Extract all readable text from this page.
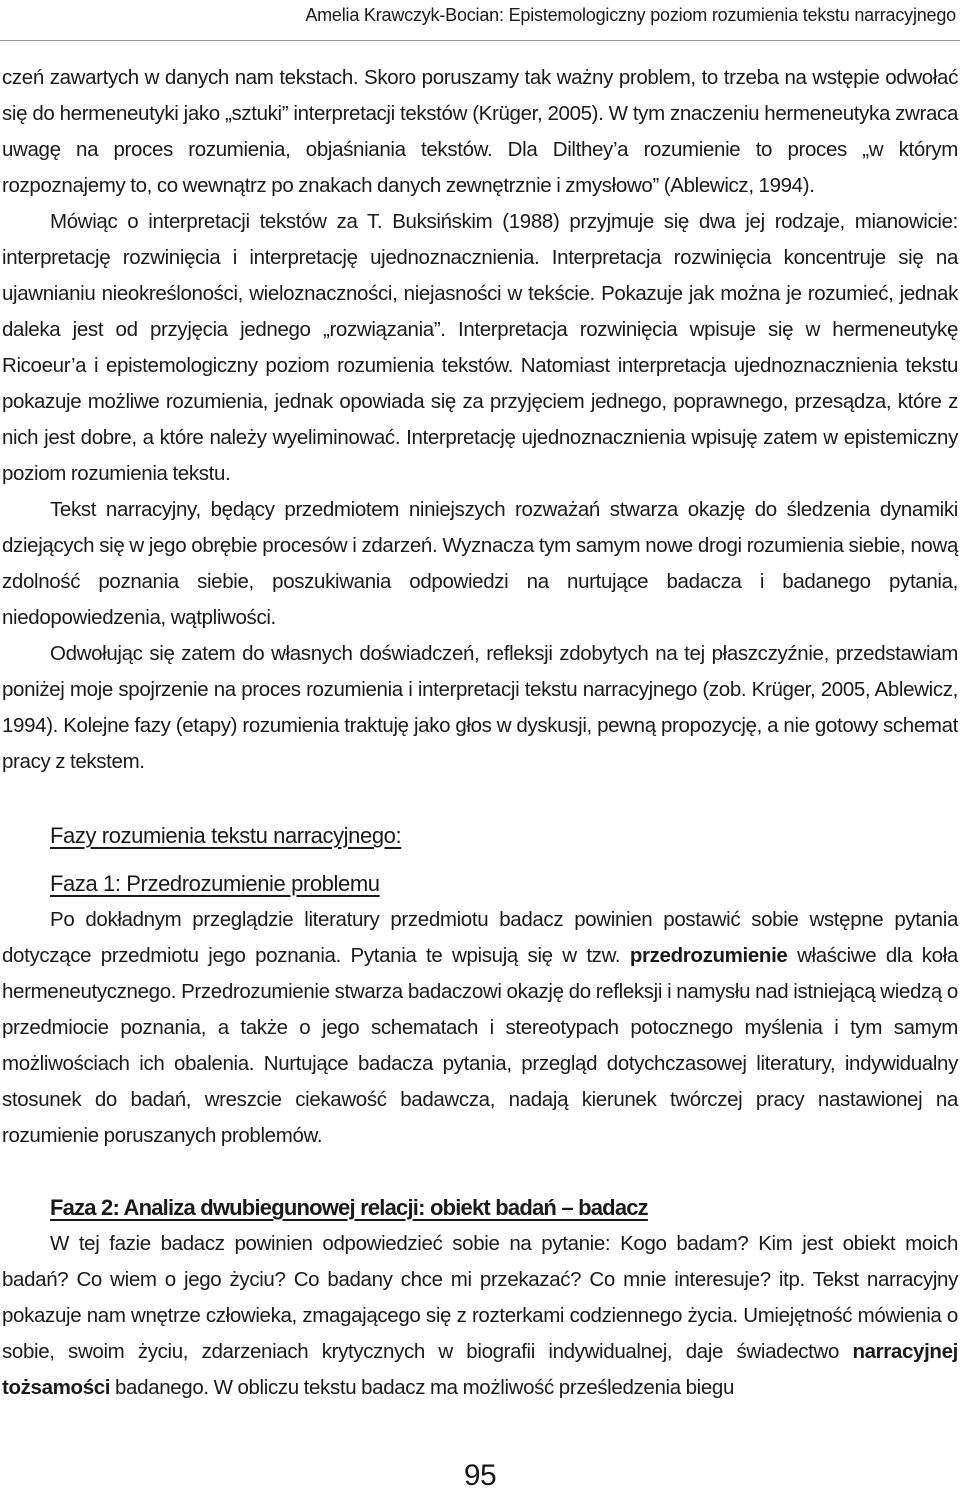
Amelia Krawczyk-Bocian: Epistemologiczny poziom rozumienia tekstu narracyjnego

czeń zawartych w danych nam tekstach. Skoro poruszamy tak ważny problem, to trzeba na wstępie odwołać się do hermeneutyki jako „sztuki” interpretacji tekstów (Krüger, 2005). W tym znaczeniu hermeneutyka zwraca uwagę na proces rozumienia, objaśniania tekstów. Dla Dilthey’a rozumienie to proces „w którym rozpoznajemy to, co wewnątrz po znakach danych zewnętrznie i zmysłowo” (Ablewicz, 1994).

Mówiąc o interpretacji tekstów za T. Buksińskim (1988) przyjmuje się dwa jej rodzaje, mianowicie: interpretację rozwinięcia i interpretację ujednoznacznienia. Interpretacja rozwinięcia koncentruje się na ujawnianiu nieokreśloności, wieloznaczności, niejasności w tekście. Pokazuje jak można je rozumieć, jednak daleka jest od przyjęcia jednego „rozwiązania”. Interpretacja rozwinięcia wpisuje się w hermeneutykę Ricoeur’a i epistemologiczny poziom rozumienia tekstów. Natomiast interpretacja ujednoznacznienia tekstu pokazuje możliwe rozumienia, jednak opowiada się za przyjęciem jednego, poprawnego, przesądza, które z nich jest dobre, a które należy wyeliminować. Interpretację ujednoznacznienia wpisuję zatem w epistemiczny poziom rozumienia tekstu.

Tekst narracyjny, będący przedmiotem niniejszych rozważań stwarza okazję do śledzenia dynamiki dziejących się w jego obrębie procesów i zdarzeń. Wyznacza tym samym nowe drogi rozumienia siebie, nową zdolność poznania siebie, poszukiwania odpowiedzi na nurtujące badacza i badanego pytania, niedopowiedzenia, wątpliwości.

Odwołując się zatem do własnych doświadczeń, refleksji zdobytych na tej płaszczyźnie, przedstawiam poniżej moje spojrzenie na proces rozumienia i interpretacji tekstu narracyjnego (zob. Krüger, 2005, Ablewicz, 1994). Kolejne fazy (etapy) rozumienia traktuję jako głos w dyskusji, pewną propozycję, a nie gotowy schemat pracy z tekstem.

Fazy rozumienia tekstu narracyjnego:

Faza 1: Przedrozumienie problemu

Po dokładnym przeglądzie literatury przedmiotu badacz powinien postawić sobie wstępne pytania dotyczące przedmiotu jego poznania. Pytania te wpisują się w tzw. przedrozumienie właściwe dla koła hermeneutycznego. Przedrozumienie stwarza badaczowi okazję do refleksji i namysłu nad istniejącą wiedzą o przedmiocie poznania, a także o jego schematach i stereotypach potocznego myślenia i tym samym możliwościach ich obalenia. Nurtujące badacza pytania, przegląd dotychczasowej literatury, indywidualny stosunek do badań, wreszcie ciekawość badawcza, nadają kierunek twórczej pracy nastawionej na rozumienie poruszanych problemów.

Faza 2: Analiza dwubiegunowej relacji: obiekt badań – badacz

W tej fazie badacz powinien odpowiedzieć sobie na pytanie: Kogo badam? Kim jest obiekt moich badań? Co wiem o jego życiu? Co badany chce mi przekazać? Co mnie interesuje? itp. Tekst narracyjny pokazuje nam wnętrze człowieka, zmagającego się z rozterkami codziennego życia. Umiejętność mówienia o sobie, swoim życiu, zdarzeniach krytycznych w biografii indywidualnej, daje świadectwo narracyjnej tożsamości badanego. W obliczu tekstu badacz ma możliwość prześledzenia biegu

95
